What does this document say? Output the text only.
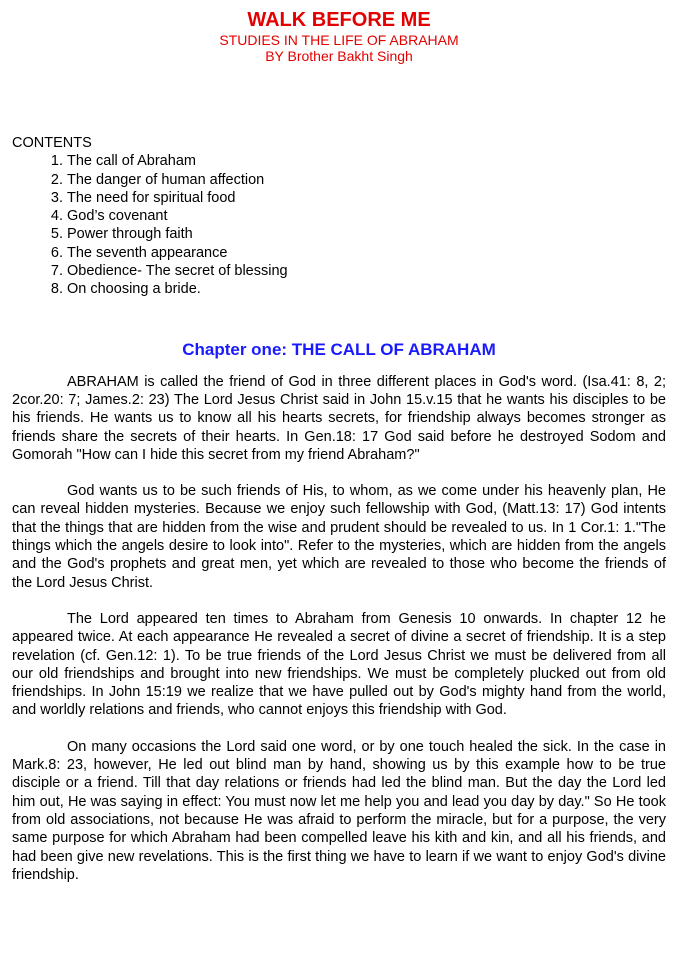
WALK BEFORE ME

STUDIES IN THE LIFE OF ABRAHAM

BY Brother Bakht Singh

CONTENTS

1. The call of Abraham
2. The danger of human affection
3. The need for spiritual food
4. God’s covenant
5. Power through faith
6. The seventh appearance
7. Obedience- The secret of blessing
8. On choosing a bride.
Chapter one: THE CALL OF ABRAHAM

ABRAHAM is called the friend of God in three different places in God's word. (Isa.41: 8, 2; 2cor.20: 7; James.2: 23) The Lord Jesus Christ said in John 15.v.15 that he wants his disciples to be his friends. He wants us to know all his hearts secrets, for friendship always becomes stronger as friends share the secrets of their hearts. In Gen.18: 17 God said before he destroyed Sodom and Gomorah "How can I hide this secret from my friend Abraham?"

God wants us to be such friends of His, to whom, as we come under his heavenly plan, He can reveal hidden mysteries. Because we enjoy such fellowship with God, (Matt.13: 17) God intents that the things that are hidden from the wise and prudent should be revealed to us. In 1 Cor.1: 1."The things which the angels desire to look into". Refer to the mysteries, which are hidden from the angels and the God's prophets and great men, yet which are revealed to those who become the friends of the Lord Jesus Christ.

The Lord appeared ten times to Abraham from Genesis 10 onwards. In chapter 12 he appeared twice. At each appearance He revealed a secret of divine a secret of friendship. It is a step revelation (cf. Gen.12: 1). To be true friends of the Lord Jesus Christ we must be delivered from all our old friendships and brought into new friendships. We must be completely plucked out from old friendships. In John 15:19 we realize that we have pulled out by God's mighty hand from the world, and worldly relations and friends, who cannot enjoys this friendship with God.

On many occasions the Lord said one word, or by one touch healed the sick. In the case in Mark.8: 23, however, He led out blind man by hand, showing us by this example how to be true disciple or a friend. Till that day relations or friends had led the blind man. But the day the Lord led him out, He was saying in effect: You must now let me help you and lead you day by day." So He took from old associations, not because He was afraid to perform the miracle, but for a purpose, the very same purpose for which Abraham had been compelled leave his kith and kin, and all his friends, and had been give new revelations. This is the first thing we have to learn if we want to enjoy God's divine friendship.
